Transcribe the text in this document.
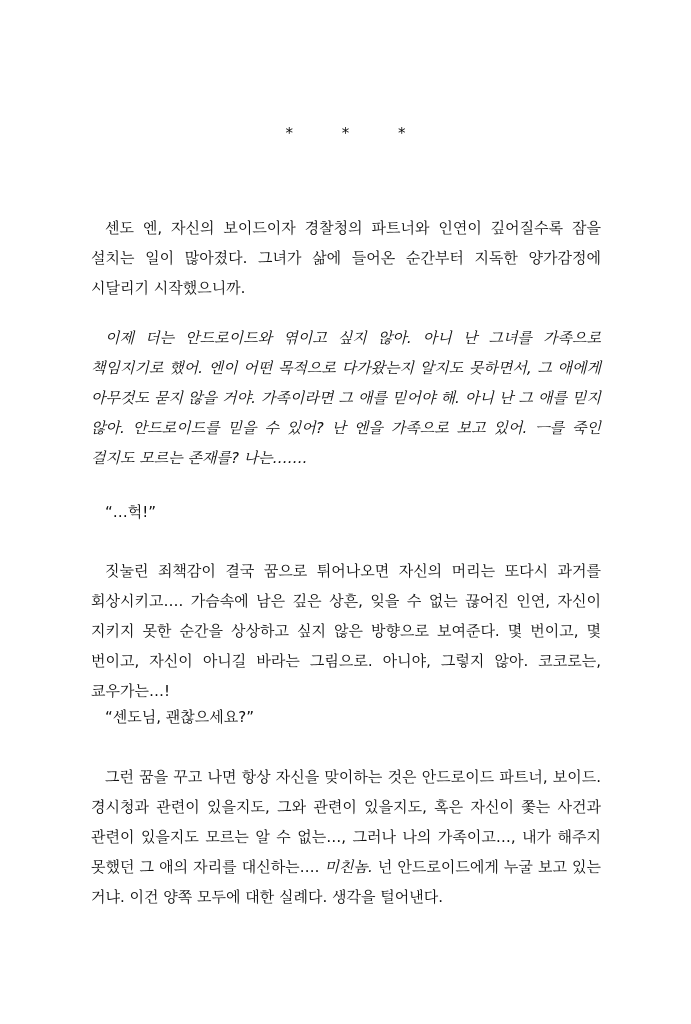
* * *

센도 엔, 자신의 보이드이자 경찰청의 파트너와 인연이 깊어질수록 잠을 설치는 일이 많아졌다. 그녀가 삶에 들어온 순간부터 지독한 양가감정에 시달리기 시작했으니까.

이제 더는 안드로이드와 엮이고 싶지 않아. 아니 난 그녀를 가족으로 책임지기로 했어. 엔이 어떤 목적으로 다가왔는지 알지도 못하면서, 그 애에게 아무것도 묻지 않을 거야. 가족이라면 그 애를 믿어야 해. 아니 난 그 애를 믿지 않아. 안드로이드를 믿을 수 있어? 난 엔을 가족으로 보고 있어. ㅡ를 죽인 걸지도 모르는 존재를? 나는…….

“…헉!”

짓눌린 죄책감이 결국 꿈으로 튀어나오면 자신의 머리는 또다시 과거를 회상시키고…. 가슴속에 남은 깊은 상흔, 잊을 수 없는 끊어진 인연, 자신이 지키지 못한 순간을 상상하고 싶지 않은 방향으로 보여준다. 몇 번이고, 몇 번이고, 자신이 아니길 바라는 그림으로. 아니야, 그렇지 않아. 코코로는, 쿄우가는…!

“센도님, 괜찮으세요?”

그런 꿈을 꾸고 나면 항상 자신을 맞이하는 것은 안드로이드 파트너, 보이드. 경시청과 관련이 있을지도, 그와 관련이 있을지도, 혹은 자신이 쫓는 사건과 관련이 있을지도 모르는 알 수 없는…, 그러나 나의 가족이고…, 내가 해주지 못했던 그 애의 자리를 대신하는…. 미친놈. 넌 안드로이드에게 누굴 보고 있는 거냐. 이건 양쪽 모두에 대한 실례다. 생각을 털어낸다.
